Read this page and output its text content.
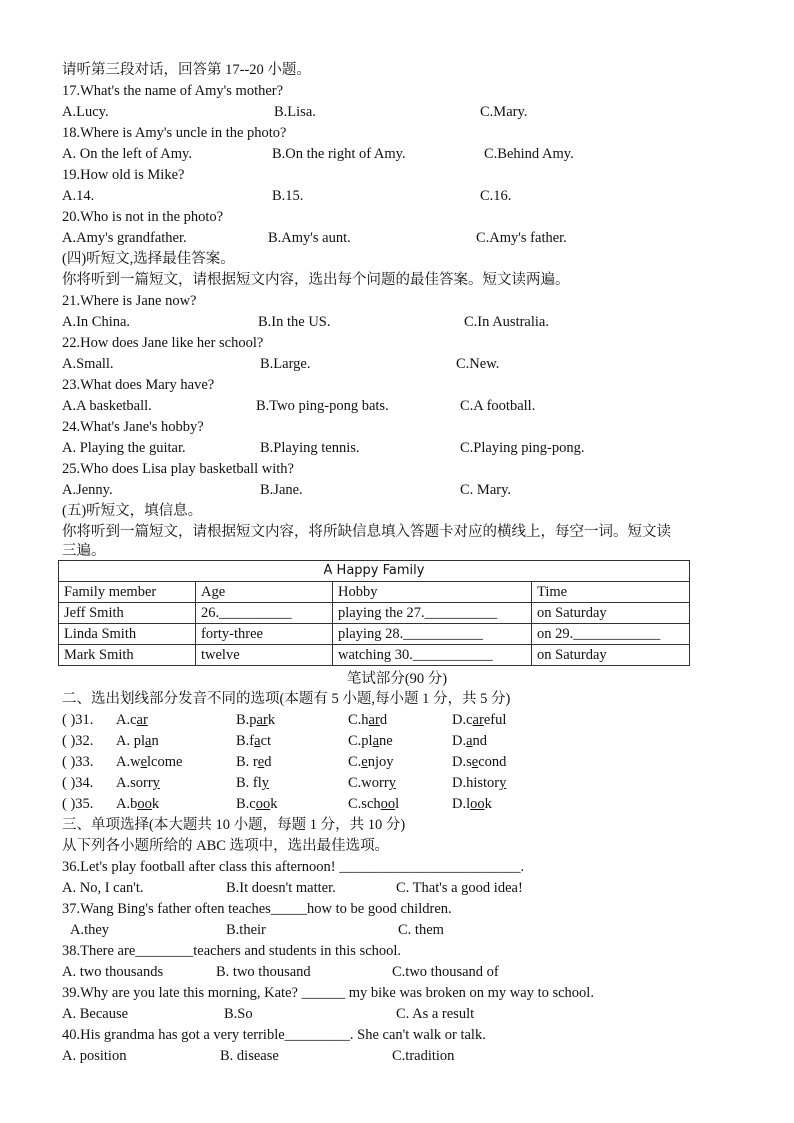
请听第三段对话，回答第 17--20 小题。
17.What's the name of Amy's mother?
A.Lucy.	B.Lisa.	C.Mary.
18.Where is Amy's uncle in the photo?
A. On the left of Amy.	B.On the right of Amy.	C.Behind Amy.
19.How old is Mike?
A.14.	B.15.	C.16.
20.Who is not in the photo?
A.Amy's grandfather.	B.Amy's aunt.	C.Amy's father.
(四)听短文,选择最佳答案。
你将听到一篇短文，请根据短文内容，选出每个问题的最佳答案。短文读两遍。
21.Where is Jane now?
A.In China.	B.In the US.	C.In Australia.
22.How does Jane like her school?
A.Small.	B.Large.	C.New.
23.What does Mary have?
A.A basketball.	B.Two ping-pong bats.	C.A football.
24.What's Jane's hobby?
A. Playing the guitar.	B.Playing tennis.	C.Playing ping-pong.
25.Who does Lisa play basketball with?
A.Jenny.	B.Jane.	C. Mary.
(五)听短文，填信息。
你将听到一篇短文，请根据短文内容，将所缺信息填入答题卡对应的横线上，每空一词。短文读
三遍。
A Happy Family			
Family member	Age	Hobby	Time
Jeff Smith	26.__________	playing the 27.__________	on Saturday
Linda Smith	forty-three	playing 28.___________	on 29.____________
Mark Smith	twelve	watching 30.___________	on Saturday
笔试部分(90 分)
二、选出划线部分发音不同的选项(本题有 5 小题,每小题 1 分，共 5 分)
( )31. A.car	B.park	C.hard	D.careful
( )32. A. plan	B.fact	C.plane	D.and
( )33. A.welcome	B. red	C.enjoy	D.second
( )34. A.sorry	B. fly	C.worry	D.history
( )35. A.book	B.cook	C.school	D.look
三、单项选择(本大题共 10 小题，每题 1 分，共 10 分)
从下列各小题所给的 ABC 选项中，选出最佳选项。
36.Let's play football after class this afternoon! _________________________.
A. No, I can't.	B.It doesn't matter.	C. That's a good idea!
37.Wang Bing's father often teaches_____how to be good children.
A.they	B.their	C. them
38.There are________teachers and students in this school.
A. two thousands	B. two thousand	C.two thousand of
39.Why are you late this morning, Kate? ______ my bike was broken on my way to school.
A. Because	B.So	C. As a result
40.His grandma has got a very terrible_________. She can't walk or talk.
A. position	B. disease	C.tradition
